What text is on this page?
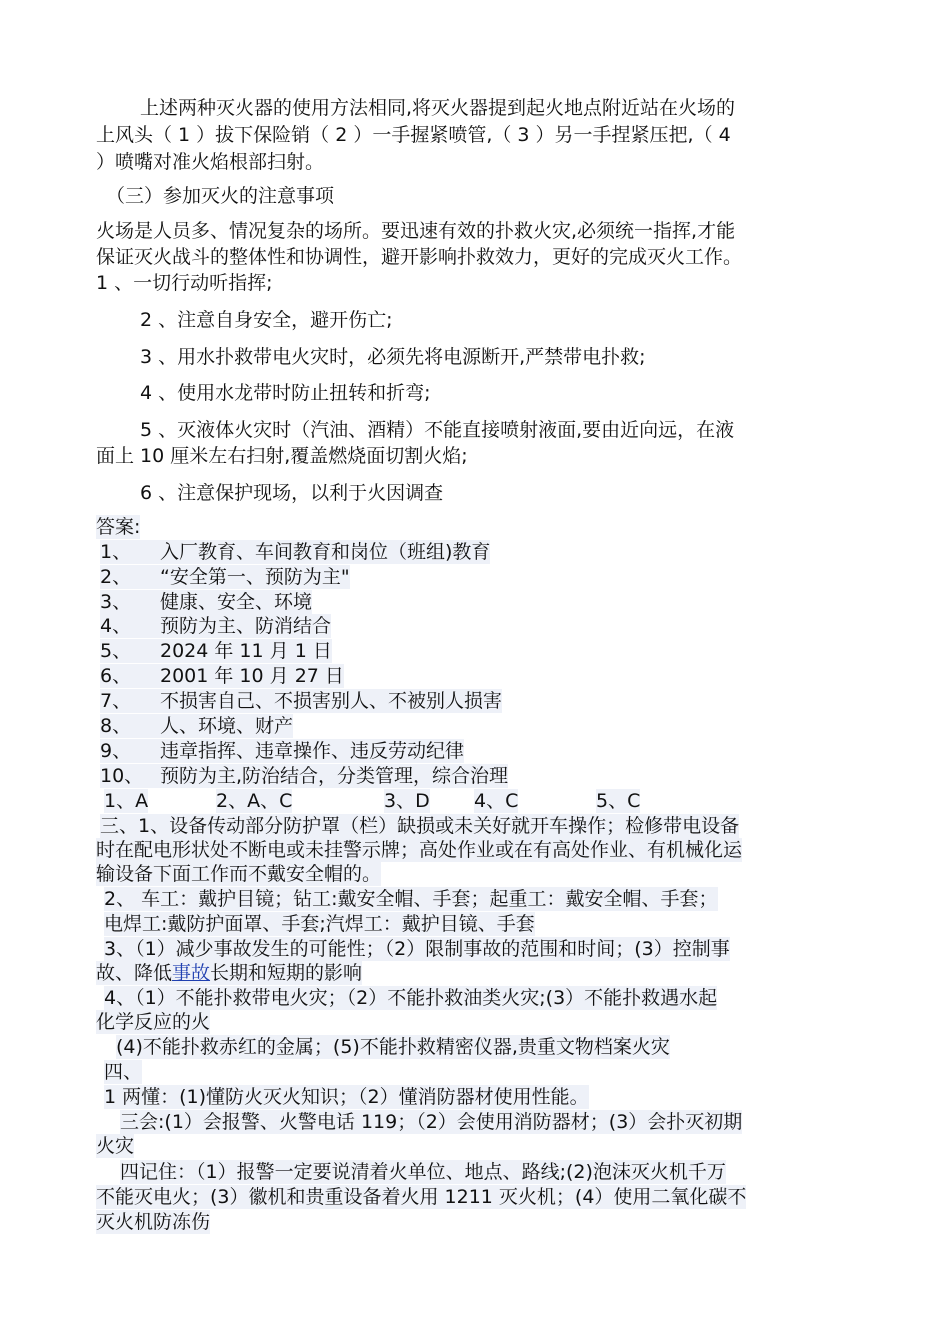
上述两种灭火器的使用方法相同,将灭火器提到起火地点附近站在火场的
上风头（ 1 ）拔下保险销（ 2 ）一手握紧喷管,（ 3 ）另一手捏紧压把,（ 4
）喷嘴对准火焰根部扫射。
（三）参加灭火的注意事项
火场是人员多、情况复杂的场所。要迅速有效的扑救火灾,必须统一指挥,才能
保证灭火战斗的整体性和协调性，避开影响扑救效力，更好的完成灭火工作。
1 、一切行动听指挥;
2 、注意自身安全，避开伤亡;
3 、用水扑救带电火灾时，必须先将电源断开,严禁带电扑救;
4 、使用水龙带时防止扭转和折弯;
5 、灭液体火灾时（汽油、酒精）不能直接喷射液面,要由近向远，在液
面上 10 厘米左右扫射,覆盖燃烧面切割火焰;
6 、注意保护现场，以利于火因调查
答案:
1、 入厂教育、车间教育和岗位（班组)教育
2、 “安全第一、预防为主"
3、 健康、安全、环境
4、 预防为主、防消结合
5、 2024 年 11 月 1 日
6、 2001 年 10 月 27 日
7、 不损害自己、不损害别人、不被别人损害
8、 人、环境、财产
9、 违章指挥、违章操作、违反劳动纪律
10、 预防为主,防治结合，分类管理，综合治理
1、A	2、A、C	3、D 4、C	5、C
三、1、设备传动部分防护罩（栏）缺损或未关好就开车操作；检修带电设备
时在配电形状处不断电或未挂警示牌；高处作业或在有高处作业、有机械化运
输设备下面工作而不戴安全帽的。
2、 车工：戴护目镜；钻工:戴安全帽、手套；起重工：戴安全帽、手套；
电焊工:戴防护面罩、手套;汽焊工：戴护目镜、手套
3、（1）减少事故发生的可能性；（2）限制事故的范围和时间；(3）控制事
故、降低事故长期和短期的影响
4、（1）不能扑救带电火灾；（2）不能扑救油类火灾;(3）不能扑救遇水起
化学反应的火
(4)不能扑救赤红的金属；(5)不能扑救精密仪器,贵重文物档案火灾
四、
1 两懂：(1)懂防火灭火知识；（2）懂消防器材使用性能。
三会:(1）会报警、火警电话 119；（2）会使用消防器材；(3）会扑灭初期
火灾
四记住：（1）报警一定要说清着火单位、地点、路线;(2)泡沫灭火机千万
不能灭电火；(3）徽机和贵重设备着火用 1211 灭火机；(4）使用二氧化碳不
灭火机防冻伤
